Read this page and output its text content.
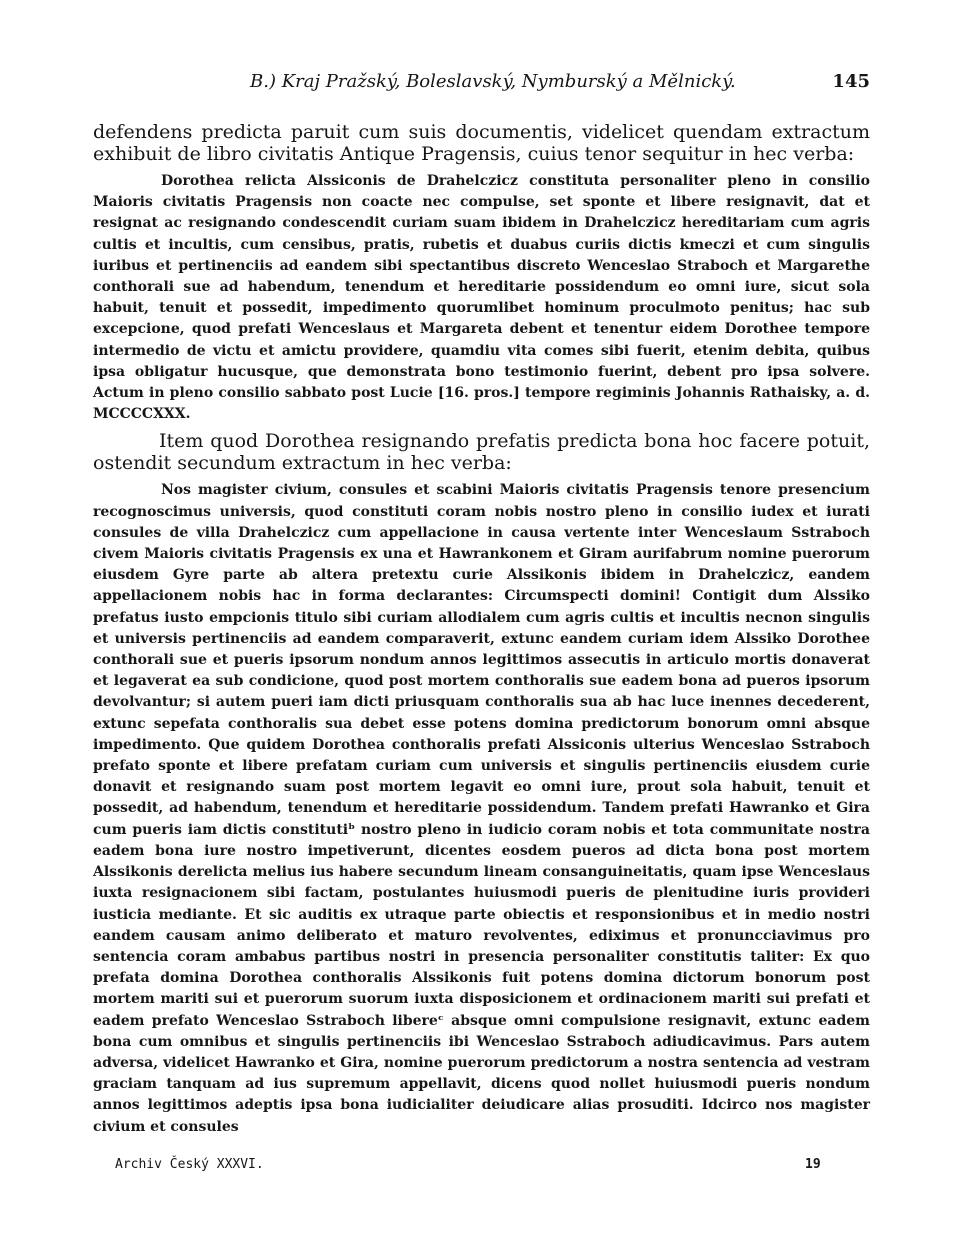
B.) Kraj Pražský, Boleslavský, Nymburský a Mělnický.	145

defendens predicta paruit cum suis documentis, videlicet quendam extractum exhibuit de libro civitatis Antique Pragensis, cuius tenor sequitur in hec verba:

Dorothea relicta Alssiconis de Drahelczicz constituta personaliter pleno in consilio Maioris civitatis Pragensis non coacte nec compulse, set sponte et libere resignavit, dat et resignat ac resignando condescendit curiam suam ibidem in Drahelczicz hereditariam cum agris cultis et incultis, cum censibus, pratis, rubetis et duabus curiis dictis kmeczi et cum singulis iuribus et pertinenciis ad eandem sibi spectantibus discreto Wenceslao Straboch et Margarethe conthorali sue ad habendum, tenendum et hereditarie possidendum eo omni iure, sicut sola habuit, tenuit et possedit, impedimento quorumlibet hominum proculmoto penitus; hac sub excepcione, quod prefati Wenceslaus et Margareta debent et tenentur eidem Dorothee tempore intermedio de victu et amictu providere, quamdiu vita comes sibi fuerit, etenim debita, quibus ipsa obligatur hucusque, que demonstrata bono testimonio fuerint, debent pro ipsa solvere. Actum in pleno consilio sabbato post Lucie [16. pros.] tempore regiminis Johannis Rathaisky, a. d. MCCCCXXX.

Item quod Dorothea resignando prefatis predicta bona hoc facere potuit, ostendit secundum extractum in hec verba:

Nos magister civium, consules et scabini Maioris civitatis Pragensis tenore presencium recognoscimus universis, quod constituti coram nobis nostro pleno in consilio iudex et iurati consules de villa Drahelczicz cum appellacione in causa vertente inter Wenceslaum Sstraboch civem Maioris civitatis Pragensis ex una et Hawrankonem et Giram aurifabrum nomine puerorum eiusdem Gyre parte ab altera pretextu curie Alssikonis ibidem in Drahelczicz, eandem appellacionem nobis hac in forma declarantes: Circumspecti domini! Contigit dum Alssiko prefatus iusto empcionis titulo sibi curiam allodialem cum agris cultis et incultis necnon singulis et universis pertinenciis ad eandem comparaverit, extunc eandem curiam idem Alssiko Dorothee conthorali sue et pueris ipsorum nondum annos legittimos assecutis in articulo mortis donaverat et legaverat ea sub condicione, quod post mortem conthoralis sue eadem bona ad pueros ipsorum devolvantur; si autem pueri iam dicti priusquam conthoralis sua ab hac luce inennes decederent, extunc sepefata conthoralis sua debet esse potens domina predictorum bonorum omni absque impedimento. Que quidem Dorothea conthoralis prefati Alssiconis ulterius Wenceslao Sstraboch prefato sponte et libere prefatam curiam cum universis et singulis pertinenciis eiusdem curie donavit et resignando suam post mortem legavit eo omni iure, prout sola habuit, tenuit et possedit, ad habendum, tenendum et hereditarie possidendum. Tandem prefati Hawranko et Gira cum pueris iam dictis constitutiᵇ nostro pleno in iudicio coram nobis et tota communitate nostra eadem bona iure nostro impetiverunt, dicentes eosdem pueros ad dicta bona post mortem Alssikonis derelicta melius ius habere secundum lineam consanguineitatis, quam ipse Wenceslaus iuxta resignacionem sibi factam, postulantes huiusmodi pueris de plenitudine iuris provideri iusticia mediante. Et sic auditis ex utraque parte obiectis et responsionibus et in medio nostri eandem causam animo deliberato et maturo revolventes, ediximus et pronuncciavimus pro sentencia coram ambabus partibus nostri in presencia personaliter constitutis taliter: Ex quo prefata domina Dorothea conthoralis Alssikonis fuit potens domina dictorum bonorum post mortem mariti sui et puerorum suorum iuxta disposicionem et ordinacionem mariti sui prefati et eadem prefato Wenceslao Sstraboch libereᶜ absque omni compulsione resignavit, extunc eadem bona cum omnibus et singulis pertinenciis ibi Wenceslao Sstraboch adiudicavimus. Pars autem adversa, videlicet Hawranko et Gira, nomine puerorum predictorum a nostra sentencia ad vestram graciam tanquam ad ius supremum appellavit, dicens quod nollet huiusmodi pueris nondum annos legittimos adeptis ipsa bona iudicialiter deiudicare alias prosuditi. Idcirco nos magister civium et consules

Archiv Český XXXVI.	19
